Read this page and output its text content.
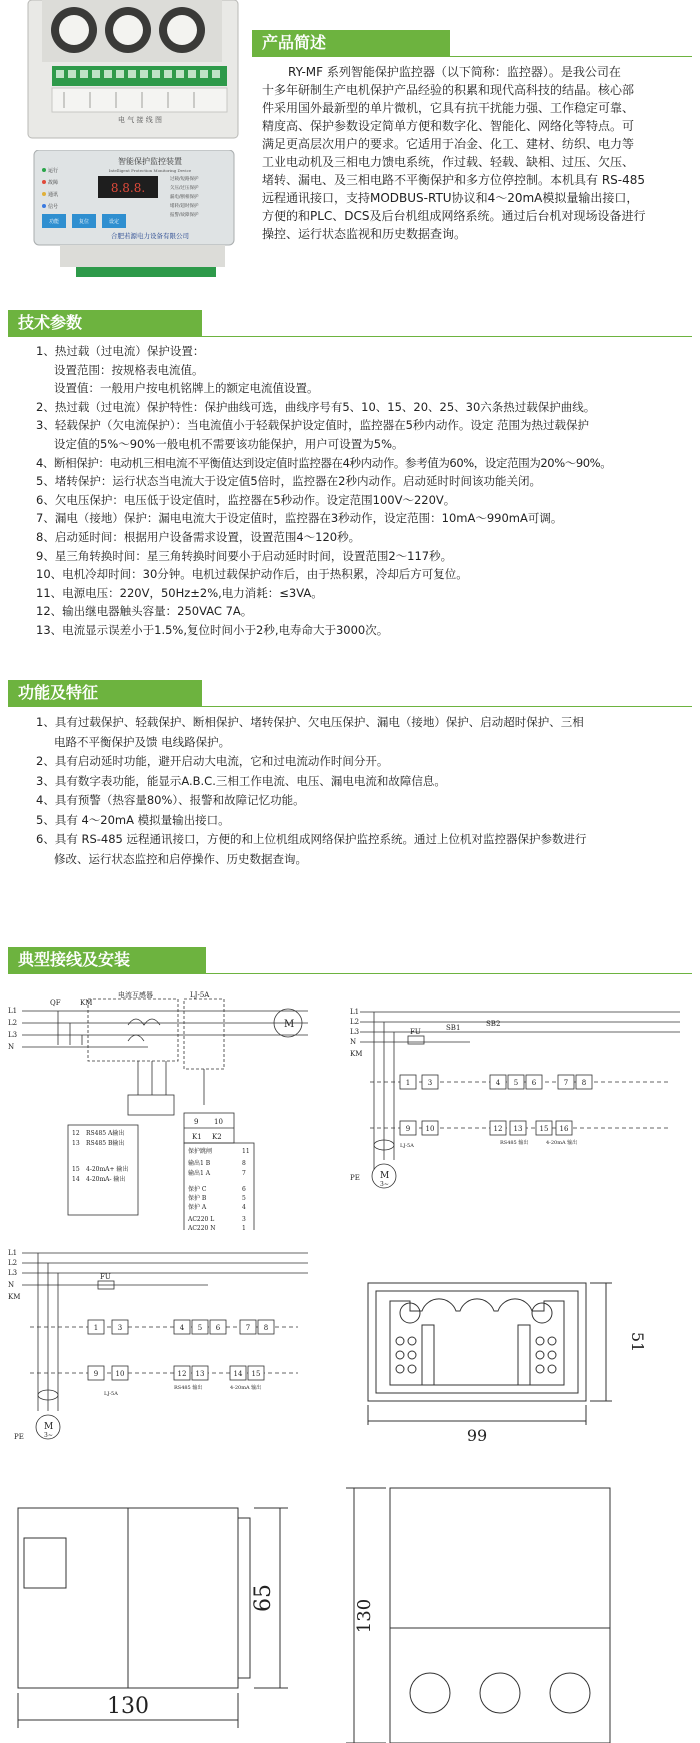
产品简述
电 气 接 线 图
智能保护监控装置
Intelligent Protection Monitoring Device
8.8.8.
运行
故障
通讯
信号
过载/短路保护
欠压/过压保护
漏电/断相保护
堵转/超时保护
报警/故障保护
功能	复位	设定
合肥若源电力设备有限公司

RY-MF 系列智能保护监控器（以下简称：监控器）。是我公司在

十多年研制生产电机保护产品经验的积累和现代高科技的结晶。核心部

件采用国外最新型的单片微机，它具有抗干扰能力强、工作稳定可靠、

精度高、保护参数设定简单方便和数字化、智能化、网络化等特点。可

满足更高层次用户的要求。它适用于冶金、化工、建材、纺织、电力等

工业电动机及三相电力馈电系统，作过载、轻载、缺相、过压、欠压、

堵转、漏电、及三相电路不平衡保护和多方位停控制。本机具有 RS-485

远程通讯接口，支持MODBUS-RTU协议和4～20mA模拟量输出接口，

方便的和PLC、DCS及后台机组成网络系统。通过后台机对现场设备进行

操控、运行状态监视和历史数据查询。

技术参数
1、热过载（过电流）保护设置：
设置范围：按规格表电流值。
设置值：一般用户按电机铭牌上的额定电流值设置。
2、热过载（过电流）保护特性：保护曲线可选，曲线序号有5、10、15、20、25、30六条热过载保护曲线。
3、轻载保护（欠电流保护）：当电流值小于轻载保护设定值时，监控器在5秒内动作。设定 范围为热过载保护
设定值的5%～90%一般电机不需要该功能保护，用户可设置为5%。
4、断相保护：电动机三相电流不平衡值达到设定值时监控器在4秒内动作。参考值为60%，设定范围为20%～90%。
5、堵转保护：运行状态当电流大于设定值5倍时，监控器在2秒内动作。启动延时时间该功能关闭。
6、欠电压保护：电压低于设定值时，监控器在5秒动作。设定范围100V～220V。
7、漏电（接地）保护：漏电电流大于设定值时，监控器在3秒动作，设定范围：10mA～990mA可调。
8、启动延时间：根据用户设备需求设置，设置范围4～120秒。
9、星三角转换时间：星三角转换时间要小于启动延时时间，设置范围2～117秒。
10、电机冷却时间：30分钟。电机过载保护动作后，由于热积累，冷却后方可复位。
11、电源电压：220V，50Hz±2%,电力消耗：≤3VA。
12、输出继电器触头容量：250VAC 7A。
13、电流显示误差小于1.5%,复位时间小于2秒,电寿命大于3000次。
功能及特征
1、具有过载保护、轻载保护、断相保护、堵转保护、欠电压保护、漏电（接地）保护、启动超时保护、三相
电路不平衡保护及馈 电线路保护。
2、具有启动延时功能，避开启动大电流，它和过电流动作时间分开。
3、具有数字表功能，能显示A.B.C.三相工作电流、电压、漏电电流和故障信息。
4、具有预警（热容量80%）、报警和故障记忆功能。
5、具有 4～20mA 模拟量输出接口。
6、具有 RS-485 远程通讯接口，方便的和上位机组成网络保护监控系统。通过上位机对监控器保护参数进行
修改、运行状态监控和启停操作、历史数据查询。
典型接线及安装
L1
L2
L3
N
QF	KM
电流互感器	LJ-5A
M
9 10
K1 K2
保护跳闸	11
12 RS485 A输出
13 RS485 B输出
输出1 B	8
输出1 A	7
15 4-20mA+ 输出
14 4-20mA- 输出
保护 C	6
保护 B	5
保护 A	4
AC220 L	3
AC220 N	1
1	3	4 5 6	7 8
9 10	12 13 15 16
L1
L2
L3
N
KM
FU	SB1	SB2
RS485 输出	4-20mA 输出
LJ-5A
PE M
3~
1	3	4 5 6	7 8
9 10	12 13	14 15
L1
L2
L3
N
KM
FU
RS485 输出	4-20mA 输出
LJ-5A
PE
M
3~	99
51
130
65
130
